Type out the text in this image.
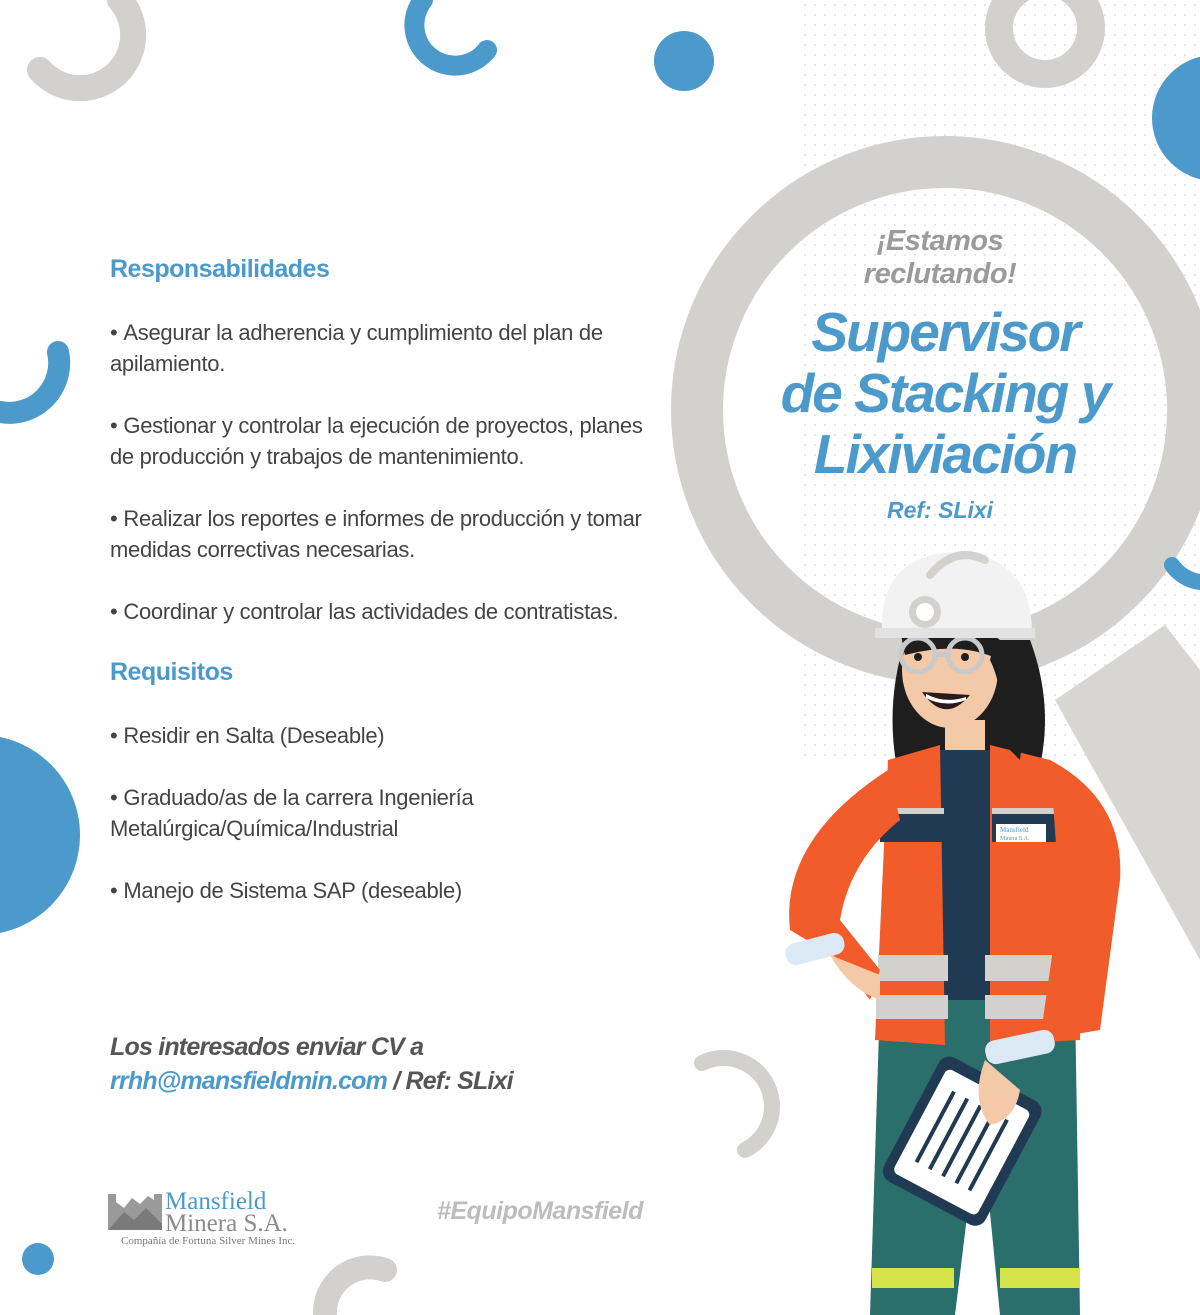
¡Estamos
reclutando!
Supervisor
de Stacking y
Lixiviación
Ref: SLixi
Responsabilidades
• Asegurar la adherencia y cumplimiento del plan de apilamiento.
• Gestionar y controlar la ejecución de proyectos, planes de producción y trabajos de mantenimiento.
• Realizar los reportes e informes de producción y tomar medidas correctivas necesarias.
• Coordinar y controlar las actividades de contratistas.
Requisitos
• Residir en Salta (Deseable)
• Graduado/as de la carrera Ingeniería Metalúrgica/Química/Industrial
• Manejo de Sistema SAP (deseable)
Los interesados enviar CV a
rrhh@mansfieldmin.com / Ref: SLixi
#EquipoMansfield
Mansfield
Minera S.A.
Compañía de Fortuna Silver Mines Inc.
Mansfield
Minera S.A.
